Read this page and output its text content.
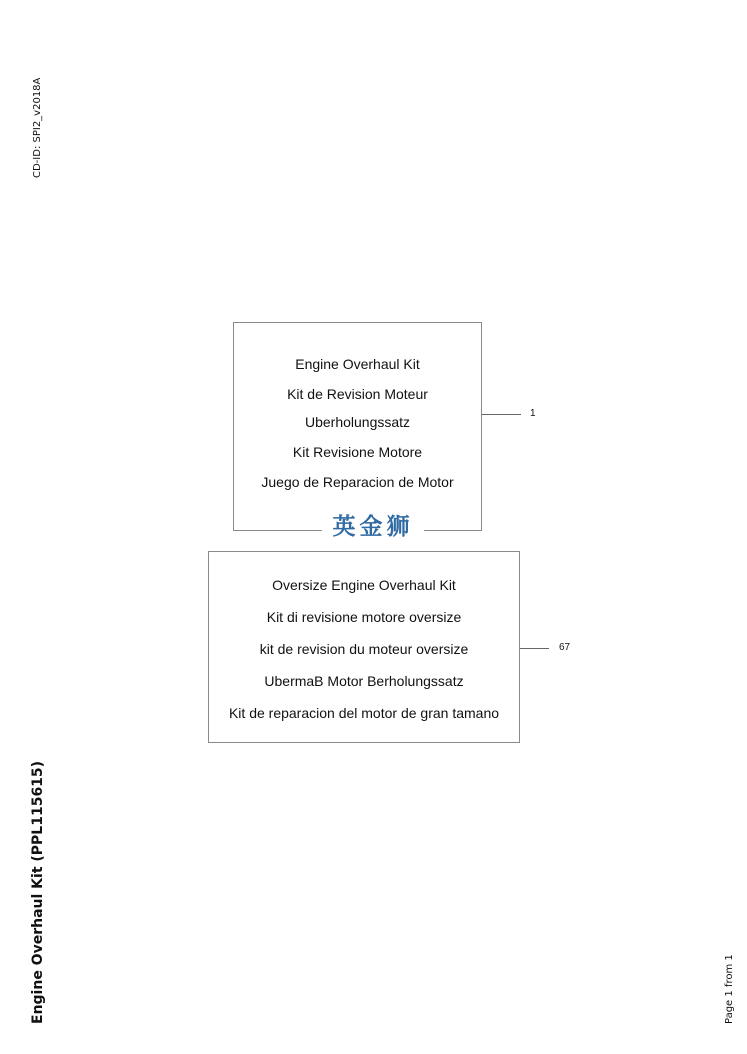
CD-ID: SPI2_v2018A
Engine Overhaul Kit
Kit de Revision Moteur
Uberholungssatz
Kit Revisione Motore
Juego de Reparacion de Motor
1
英金狮
Oversize Engine Overhaul Kit
Kit di revisione motore oversize
kit de revision du moteur oversize
UbermaB Motor Berholungssatz
Kit de reparacion del motor de gran tamano
67
Engine Overhaul Kit (PPL115615)	Page 1 from 1
